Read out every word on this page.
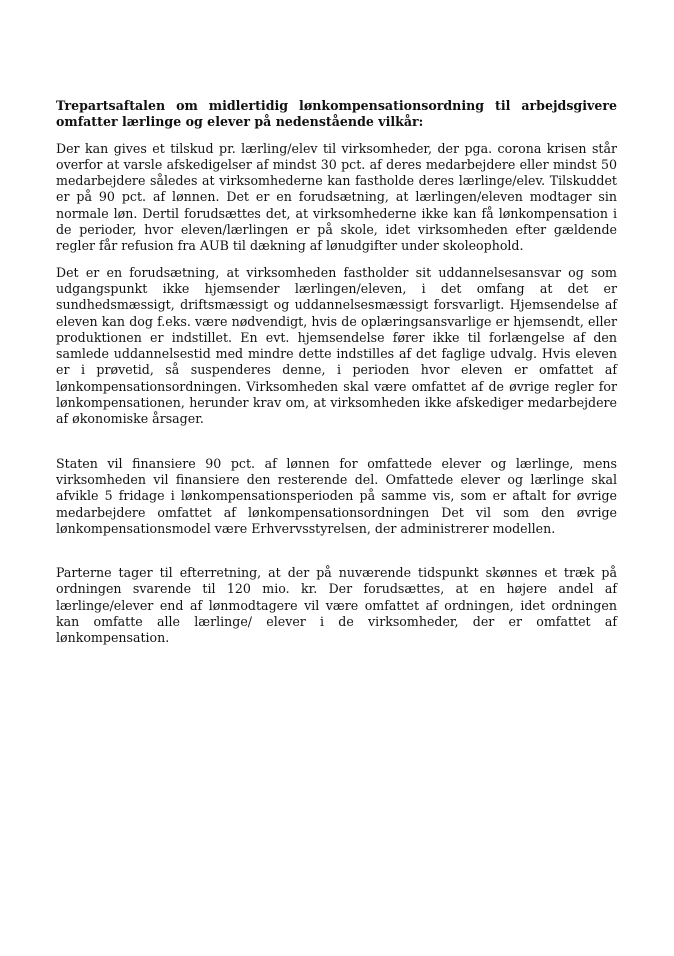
Trepartsaftalen om midlertidig lønkompensationsordning til arbejdsgivere omfatter lærlinge og elever på nedenstående vilkår:

Der kan gives et tilskud pr. lærling/elev til virksomheder, der pga. corona krisen står overfor at varsle afskedigelser af mindst 30 pct. af deres medarbejdere eller mindst 50 medarbejdere således at virksomhederne kan fastholde deres lærlinge/elev. Tilskuddet er på 90 pct. af lønnen. Det er en forudsætning, at lærlingen/eleven modtager sin normale løn. Dertil forudsættes det, at virksomhederne ikke kan få lønkompensation i de perioder, hvor eleven/lærlingen er på skole, idet virksomheden efter gældende regler får refusion fra AUB til dækning af lønudgifter under skoleophold.

Det er en forudsætning, at virksomheden fastholder sit uddannelsesansvar og som udgangspunkt ikke hjemsender lærlingen/eleven, i det omfang at det er sundhedsmæssigt, driftsmæssigt og uddannelsesmæssigt forsvarligt. Hjemsendelse af eleven kan dog f.eks. være nødvendigt, hvis de oplæringsansvarlige er hjemsendt, eller produktionen er indstillet. En evt. hjemsendelse fører ikke til forlængelse af den samlede uddannelsestid med mindre dette indstilles af det faglige udvalg. Hvis eleven er i prøvetid, så suspenderes denne, i perioden hvor eleven er omfattet af lønkompensationsordningen. Virksomheden skal være omfattet af de øvrige regler for lønkompensationen, herunder krav om, at virksomheden ikke afskediger medarbejdere af økonomiske årsager.

Staten vil finansiere 90 pct. af lønnen for omfattede elever og lærlinge, mens virksomheden vil finansiere den resterende del. Omfattede elever og lærlinge skal afvikle 5 fridage i lønkompensationsperioden på samme vis, som er aftalt for øvrige medarbejdere omfattet af lønkompensationsordningen Det vil som den øvrige lønkompensationsmodel være Erhvervsstyrelsen, der administrerer modellen.

Parterne tager til efterretning, at der på nuværende tidspunkt skønnes et træk på ordningen svarende til 120 mio. kr. Der forudsættes, at en højere andel af lærlinge/elever end af lønmodtagere vil være omfattet af ordningen, idet ordningen kan omfatte alle lærlinge/ elever i de virksomheder, der er omfattet af lønkompensation.
